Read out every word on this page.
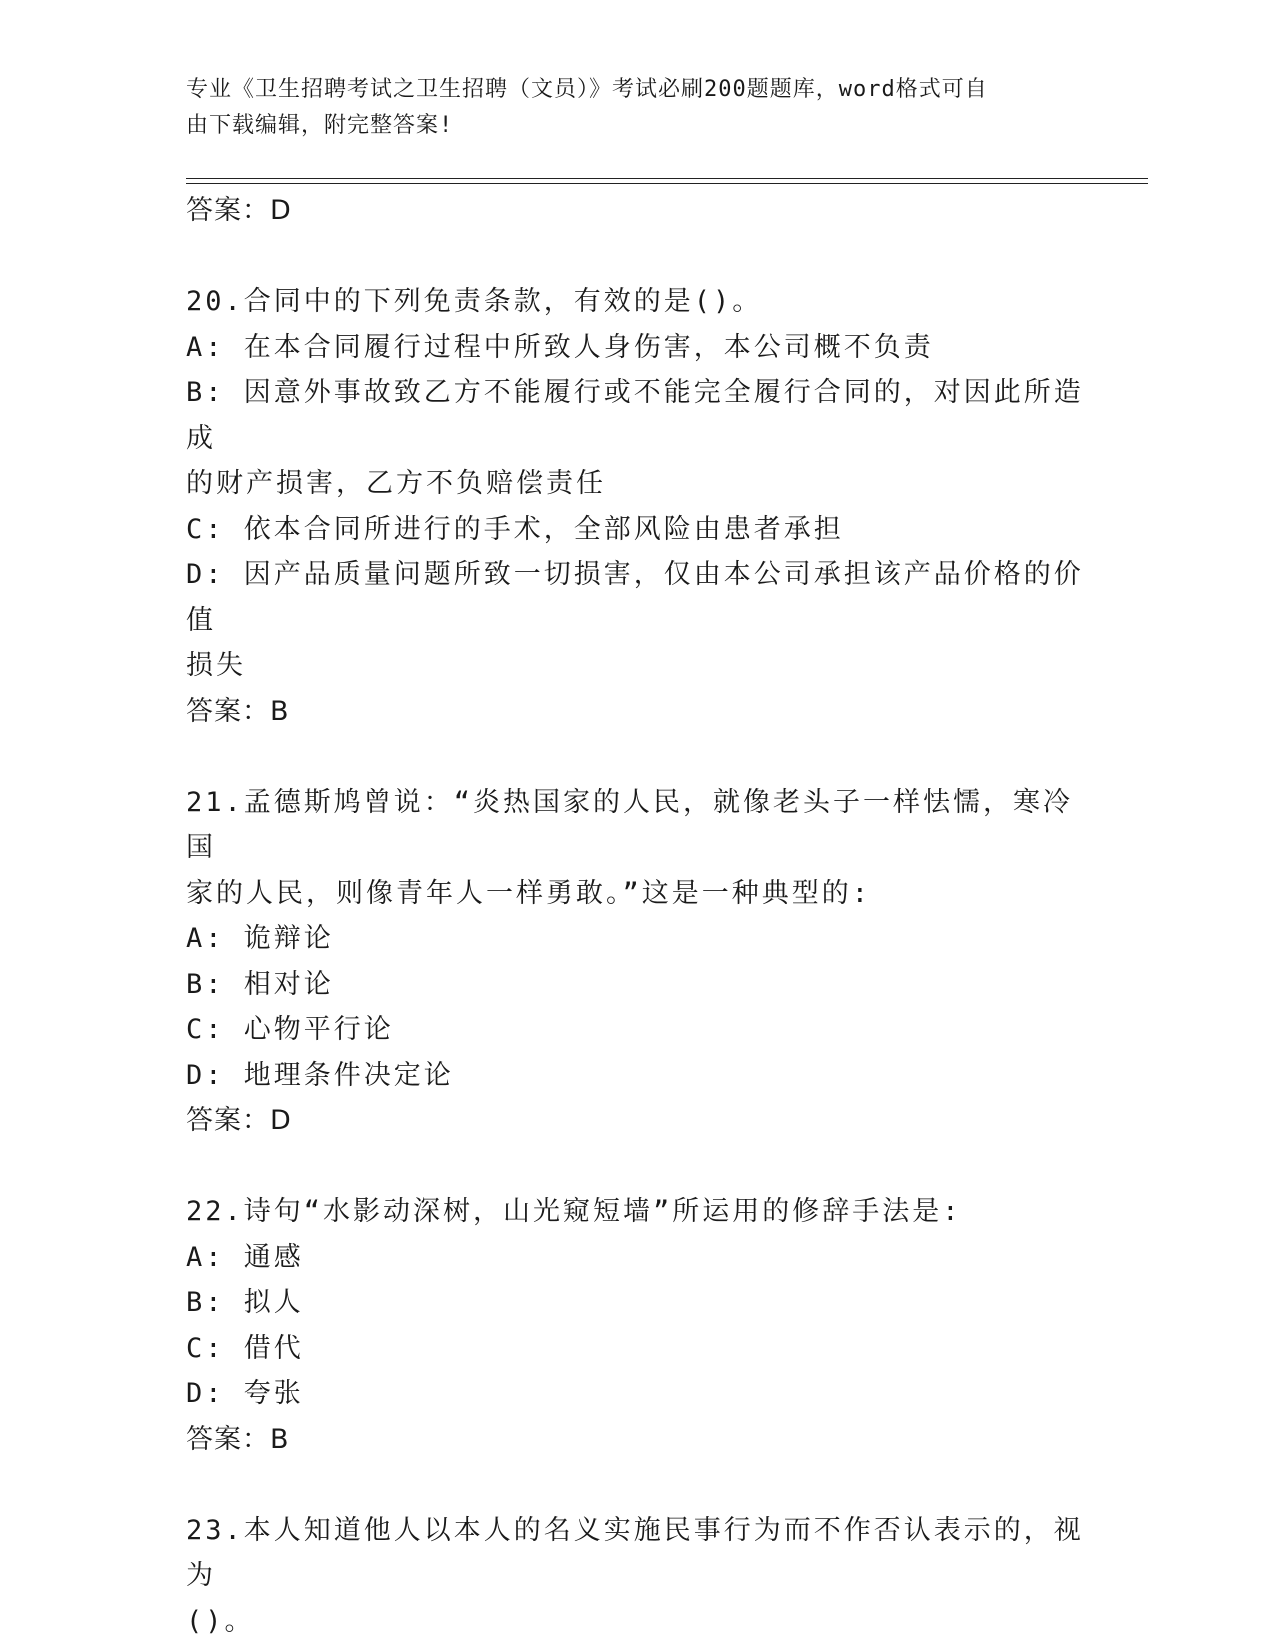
专业《卫生招聘考试之卫生招聘（文员）》考试必刷200题题库，word格式可自
由下载编辑，附完整答案!
答案：D
20.合同中的下列免责条款，有效的是()。
A: 在本合同履行过程中所致人身伤害，本公司概不负责
B: 因意外事故致乙方不能履行或不能完全履行合同的，对因此所造成
的财产损害，乙方不负赔偿责任
C: 依本合同所进行的手术，全部风险由患者承担
D: 因产品质量问题所致一切损害，仅由本公司承担该产品价格的价值
损失
答案：B
21.孟德斯鸠曾说：“炎热国家的人民，就像老头子一样怯懦，寒冷国
家的人民，则像青年人一样勇敢。”这是一种典型的:
A: 诡辩论
B: 相对论
C: 心物平行论
D: 地理条件决定论
答案：D
22.诗句“水影动深树，山光窥短墙”所运用的修辞手法是:
A: 通感
B: 拟人
C: 借代
D: 夸张
答案：B
23.本人知道他人以本人的名义实施民事行为而不作否认表示的，视为
()。
